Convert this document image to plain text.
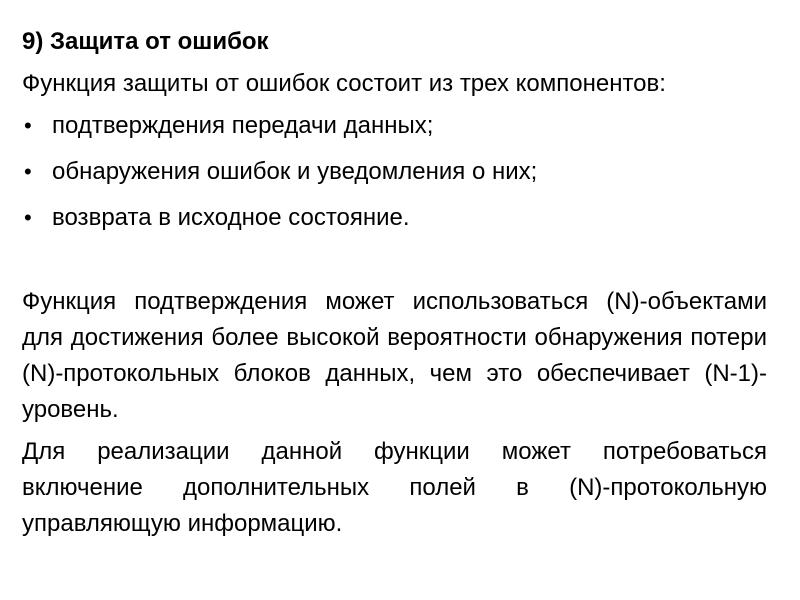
9) Защита от ошибок

Функция защиты от ошибок состоит из трех компонентов:

• подтверждения передачи данных;
• обнаружения ошибок и уведомления о них;
• возврата в исходное состояние.

Функция подтверждения может использоваться (N)-объектами для достижения более высокой вероятности обнаружения потери (N)-протокольных блоков данных, чем это обеспечивает (N-1)-уровень.

Для реализации данной функции может потребоваться включение дополнительных полей в (N)-протокольную управляющую информацию.
